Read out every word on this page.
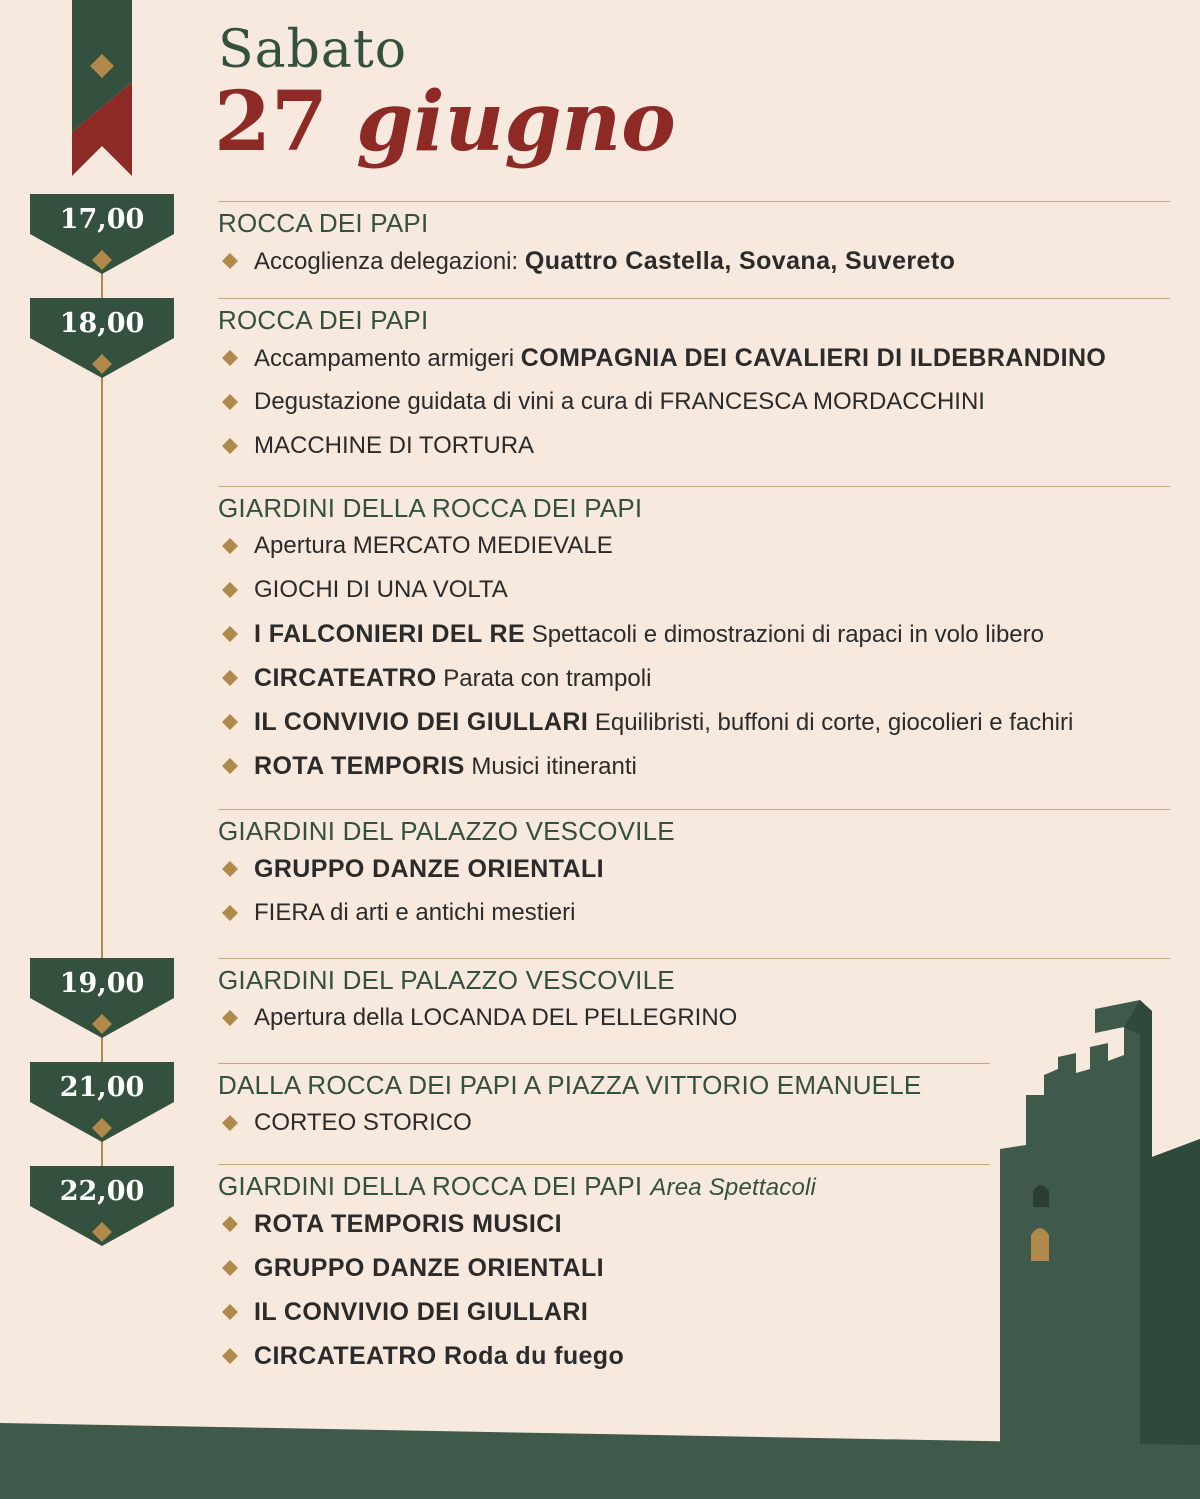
Sabato
27 giugno
17,00
18,00
19,00
21,00
22,00
ROCCA DEI PAPI
Accoglienza delegazioni: Quattro Castella, Sovana, Suvereto
ROCCA DEI PAPI
Accampamento armigeri COMPAGNIA DEI CAVALIERI DI ILDEBRANDINO
Degustazione guidata di vini a cura di FRANCESCA MORDACCHINI
MACCHINE DI TORTURA
GIARDINI DELLA ROCCA DEI PAPI
Apertura MERCATO MEDIEVALE
GIOCHI DI UNA VOLTA
I FALCONIERI DEL RE Spettacoli e dimostrazioni di rapaci in volo libero
CIRCATEATRO Parata con trampoli
IL CONVIVIO DEI GIULLARI Equilibristi, buffoni di corte, giocolieri e fachiri
ROTA TEMPORIS Musici itineranti
GIARDINI DEL PALAZZO VESCOVILE
GRUPPO DANZE ORIENTALI
FIERA di arti e antichi mestieri
GIARDINI DEL PALAZZO VESCOVILE
Apertura della LOCANDA DEL PELLEGRINO
DALLA ROCCA DEI PAPI A PIAZZA VITTORIO EMANUELE
CORTEO STORICO
GIARDINI DELLA ROCCA DEI PAPI Area Spettacoli
ROTA TEMPORIS MUSICI
GRUPPO DANZE ORIENTALI
IL CONVIVIO DEI GIULLARI
CIRCATEATRO Roda du fuego
